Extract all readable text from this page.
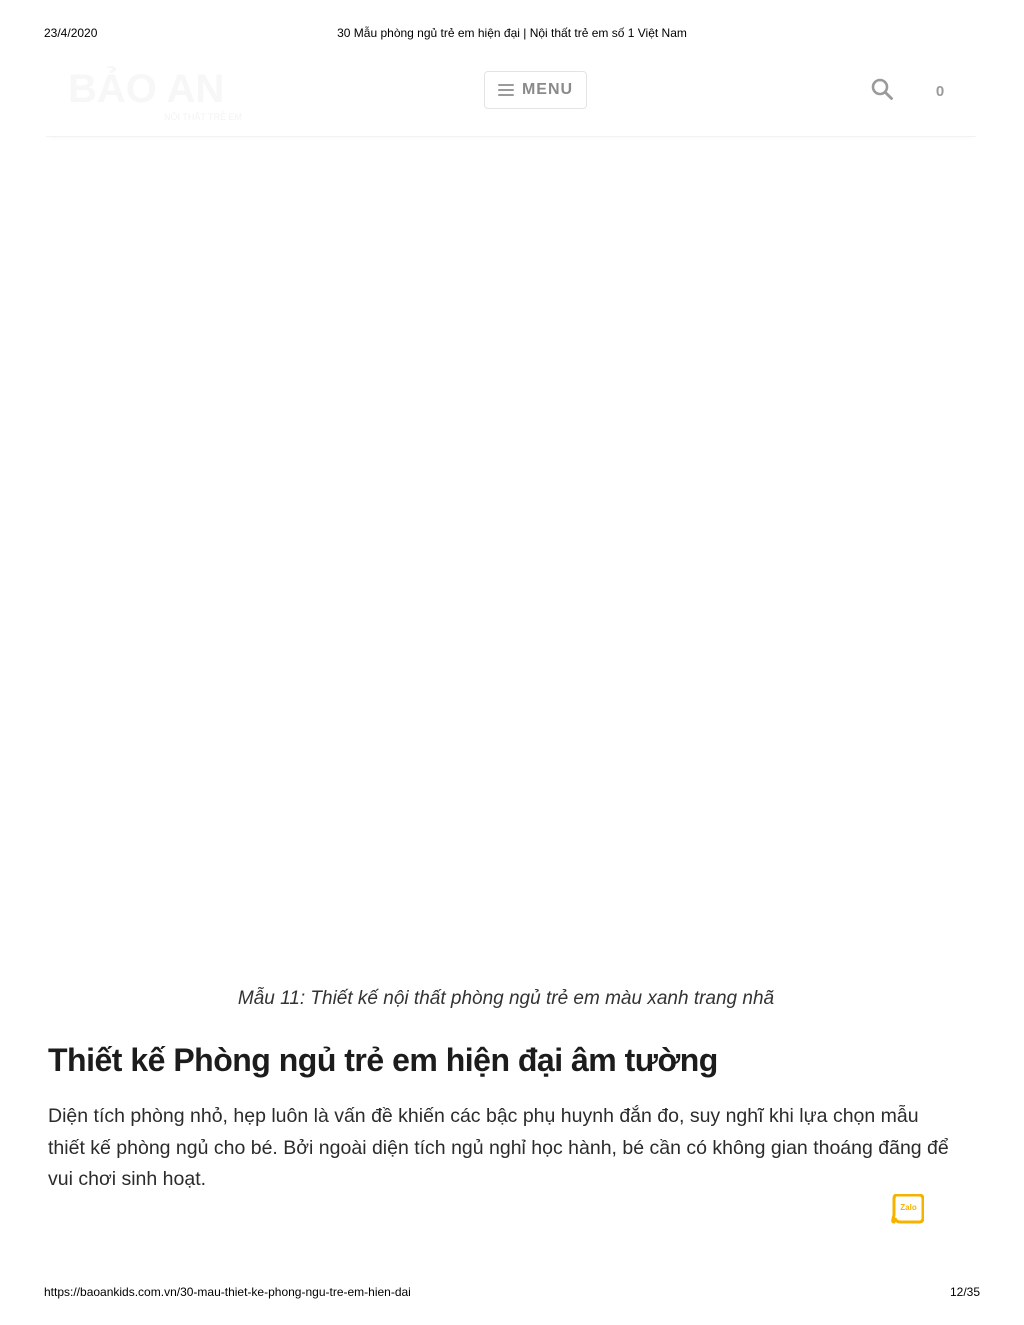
23/4/2020	30 Mẫu phòng ngủ trẻ em hiện đại | Nội thất trẻ em số 1 Việt Nam
BẢO AN
NỘI THẤT TRẺ EM
MENU	0
Mẫu 11: Thiết kế nội thất phòng ngủ trẻ em màu xanh trang nhã
Thiết kế Phòng ngủ trẻ em hiện đại âm tường

Diện tích phòng nhỏ, hẹp luôn là vấn đề khiến các bậc phụ huynh đắn đo, suy nghĩ khi lựa chọn mẫu thiết kế phòng ngủ cho bé. Bởi ngoài diện tích ngủ nghỉ học hành, bé cần có không gian thoáng đãng để vui chơi sinh hoạt.

Zalo
https://baoankids.com.vn/30-mau-thiet-ke-phong-ngu-tre-em-hien-dai	12/35
